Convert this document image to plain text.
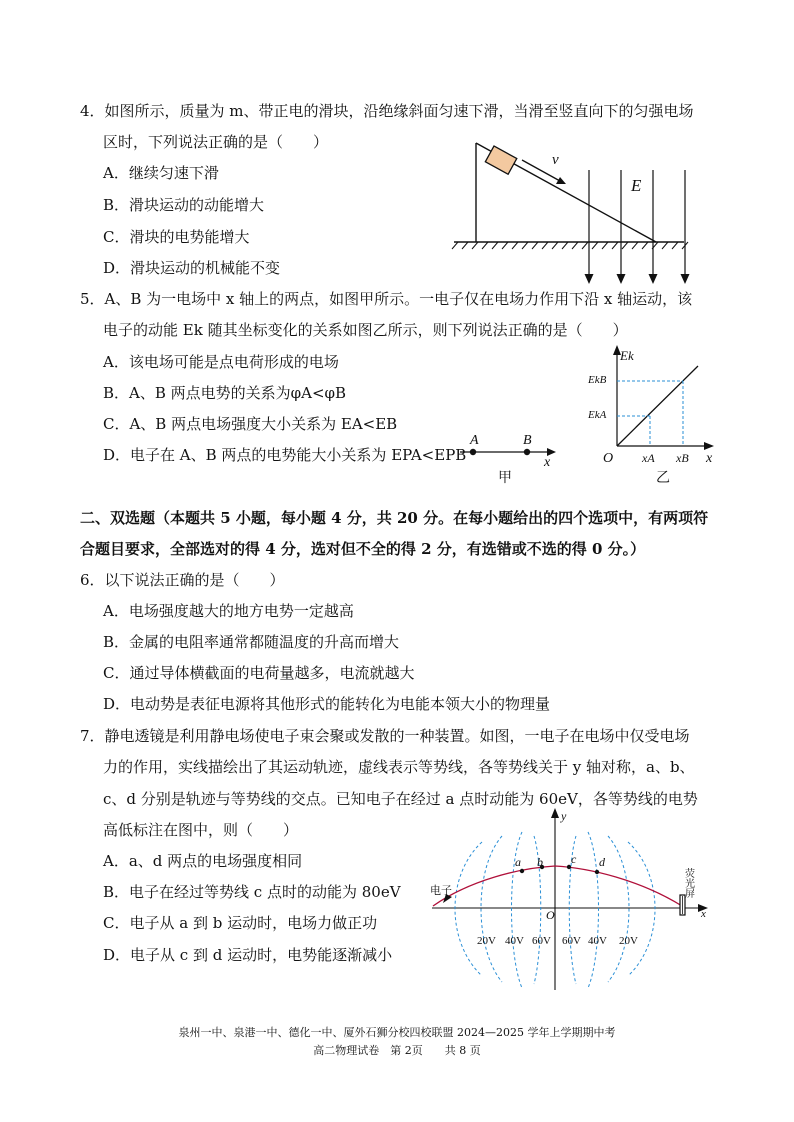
4．如图所示，质量为 m、带正电的滑块，沿绝缘斜面匀速下滑，当滑至竖直向下的匀强电场
区时，下列说法正确的是（　　）
A．继续匀速下滑
B．滑块运动的动能增大
C．滑块的电势能增大
D．滑块运动的机械能不变
v
E
5．A、B 为一电场中 x 轴上的两点，如图甲所示。一电子仅在电场力作用下沿 x 轴运动，该
电子的动能 Ek 随其坐标变化的关系如图乙所示，则下列说法正确的是（　　）
A．该电场可能是点电荷形成的电场
B．A、B 两点电势的关系为φA<φB
C．A、B 两点电场强度大小关系为 EA<EB
D．电子在 A、B 两点的电势能大小关系为 EPA<EPB
A	B
x
甲
Ek
EkB
EkA
O xA xB x
乙
二、双选题（本题共 5 小题，每小题 4 分，共 20 分。在每小题给出的四个选项中，有两项符
合题目要求，全部选对的得 4 分，选对但不全的得 2 分，有选错或不选的得 0 分。）
6．以下说法正确的是（　　）
A．电场强度越大的地方电势一定越高
B．金属的电阻率通常都随温度的升高而增大
C．通过导体横截面的电荷量越多，电流就越大
D．电动势是表征电源将其他形式的能转化为电能本领大小的物理量
7．静电透镜是利用静电场使电子束会聚或发散的一种装置。如图，一电子在电场中仅受电场
力的作用，实线描绘出了其运动轨迹，虚线表示等势线，各等势线关于 y 轴对称，a、b、
c、d 分别是轨迹与等势线的交点。已知电子在经过 a 点时动能为 60eV，各等势线的电势
高低标注在图中，则（　　）
A．a、d 两点的电场强度相同
B．电子在经过等势线 c 点时的动能为 80eV
C．电子从 a 到 b 运动时，电场力做正功
D．电子从 c 到 d 运动时，电势能逐渐减小
y
x
O
电子
a b c d
荧光屏
20V 40V 60V 60V 40V 20V
泉州一中、泉港一中、德化一中、厦外石狮分校四校联盟 2024—2025 学年上学期期中考
高二物理试卷　第 2页　　共 8 页
